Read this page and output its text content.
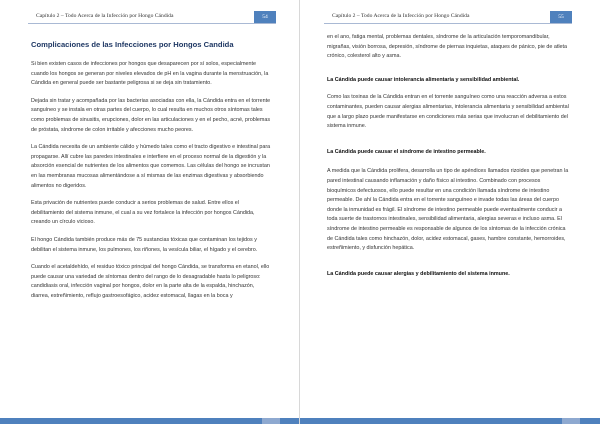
Capítulo 2 – Todo Acerca de la Infección por Hongo Cándida	54
Complicaciones de las Infecciones por Hongos Candida

Si bien existen casos de infecciones por hongos que desaparecen por sí solos, especialmente cuando los hongos se generan por niveles elevados de pH en la vagina durante la menstruación, la Cándida en general puede ser bastante peligrosa si se deja sin tratamiento.

Dejada sin tratar y acompañada por las bacterias asociadas con ella, la Cándida entra en el torrente sanguíneo y se instala en otras partes del cuerpo, lo cual resulta en muchos otros síntomas tales como problemas de sinusitis, erupciones, dolor en las articulaciones y en el pecho, acné, problemas de próstata, síndrome de colon irritable y afecciones mucho peores.

La Cándida necesita de un ambiente cálido y húmedo tales como el tracto digestivo e intestinal para propagarse. Allí cubre las paredes intestinales e interfiere en el proceso normal de la digestión y la absorción esencial de nutrientes de los alimentos que comemos. Las células del hongo se incrustan en las membranas mucosas alimentándose a sí mismas de las enzimas digestivas y absorbiendo alimentos no digeridos.

Esta privación de nutrientes puede conducir a serios problemas de salud. Entre ellos el debilitamiento del sistema inmune, el cual a su vez fortalece la infección por hongos Cándida, creando un círculo vicioso.

El hongo Cándida también produce más de 75 sustancias tóxicas que contaminan los tejidos y debilitan el sistema inmune, los pulmones, los riñones, la vesícula biliar, el hígado y el cerebro.

Cuando el acetaldehído, el residuo tóxico principal del hongo Cándida, se transforma en etanol, ello puede causar una variedad de síntomas dentro del rango de lo desagradable hasta lo peligroso: candidiasis oral, infección vaginal por hongos, dolor en la parte alta de la espalda, hinchazón, diarrea, estreñimiento, reflujo gastroesofágico, acidez estomacal, llagas en la boca y

Capítulo 2 – Todo Acerca de la Infección por Hongo Cándida	55

en el ano, fatiga mental, problemas dentales, síndrome de la articulación temporomandibular, migrañas, visión borrosa, depresión, síndrome de piernas inquietas, ataques de pánico, pie de atleta crónico, colesterol alto y asma.

La Cándida puede causar intolerancia alimentaria y sensibilidad ambiental.

Como las toxinas de la Cándida entran en el torrente sanguíneo como una reacción adversa a estos contaminantes, pueden causar alergias alimentarias, intolerancia alimentaria y sensibilidad ambiental que a largo plazo puede manifestarse en condiciones más serias que involucran el debilitamiento del sistema inmune.

La Cándida puede causar el síndrome de intestino permeable.

A medida que la Cándida prolifera, desarrolla un tipo de apéndices llamados rizoides que penetran la pared intestinal causando inflamación y daño físico al intestino. Combinado con procesos bioquímicos defectuosos, ello puede resultar en una condición llamada síndrome de intestino permeable. De ahí la Cándida entra en el torrente sanguíneo e invade todas las áreas del cuerpo donde la inmunidad es frágil. El síndrome de intestino permeable puede eventualmente conducir a toda suerte de trastornos intestinales, sensibilidad alimentaria, alergias severas e incluso asma. El síndrome de intestino permeable es responsable de algunos de los síntomas de la infección crónica de Cándida tales como hinchazón, dolor, acidez estomacal, gases, hambre constante, hemorroides, estreñimiento, y disfunción hepática.

La Cándida puede causar alergias y debilitamiento del sistema inmune.
